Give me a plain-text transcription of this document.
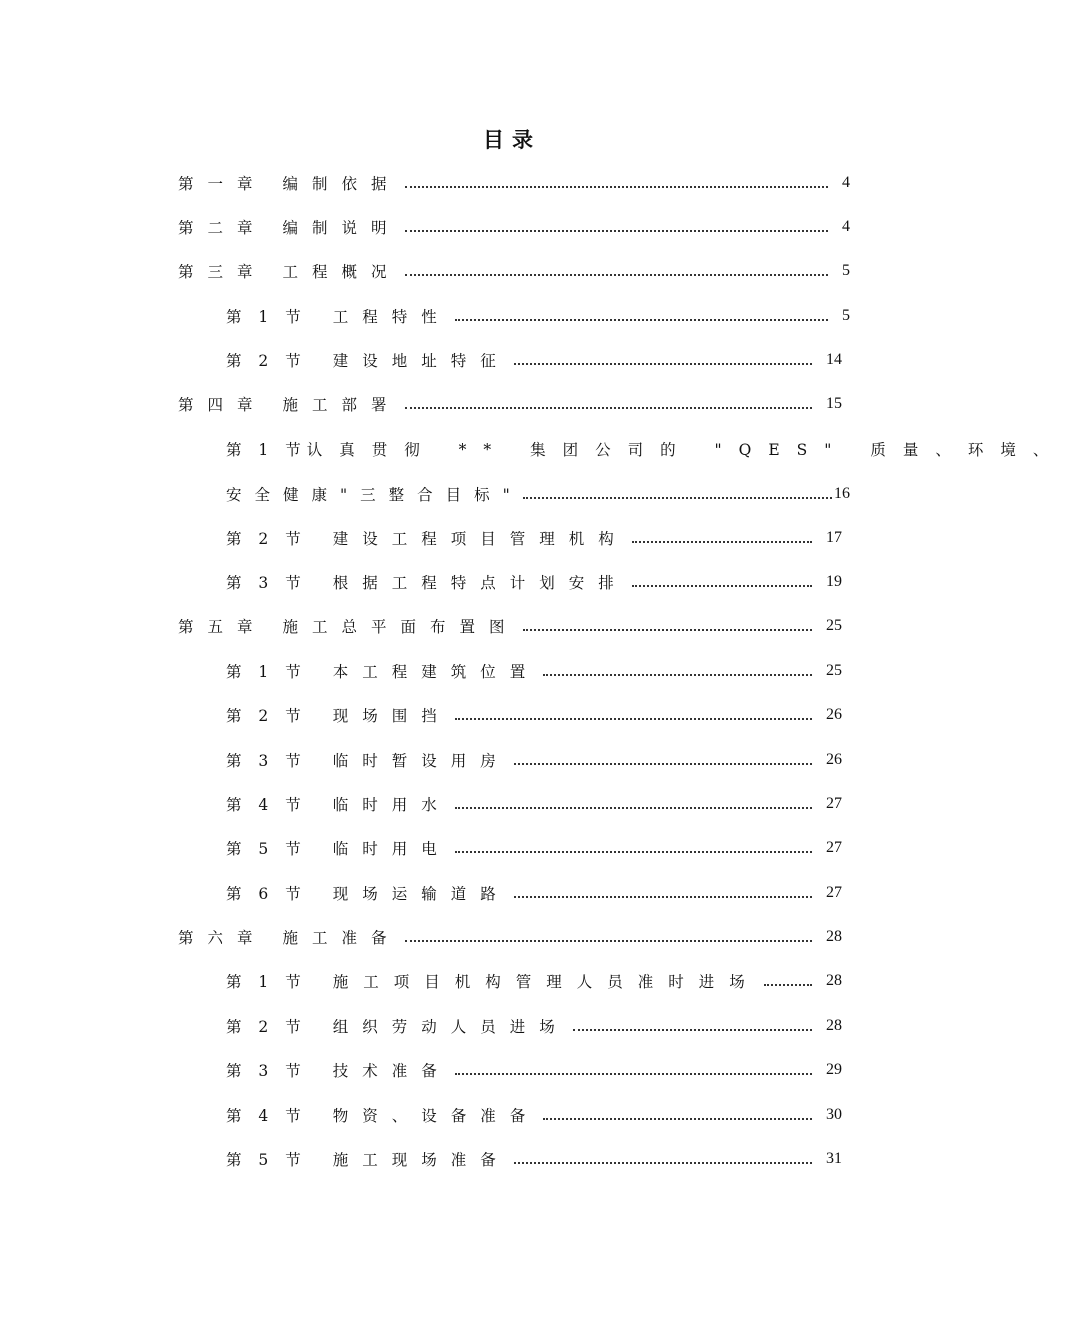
目录
第一章 编制依据	4
第二章 编制说明	4
第三章 工程概况	5
第 1 节 工程特性	5
第 2 节 建设地址特征	14
第四章 施工部署	15
第 1 节 认真贯彻 ** 集团公司的 "QES" 质量、环境、
安全健康"三整合目标"	16
第 2 节 建设工程项目管理机构	17
第 3 节 根据工程特点计划安排	19
第五章 施工总平面布置图	25
第 1 节 本工程建筑位置	25
第 2 节 现场围挡	26
第 3 节 临时暂设用房	26
第 4 节 临时用水	27
第 5 节 临时用电	27
第 6 节 现场运输道路	27
第六章 施工准备	28
第 1 节 施工项目机构管理人员准时进场	28
第 2 节 组织劳动人员进场	28
第 3 节 技术准备	29
第 4 节 物资、设备准备	30
第 5 节 施工现场准备	31
